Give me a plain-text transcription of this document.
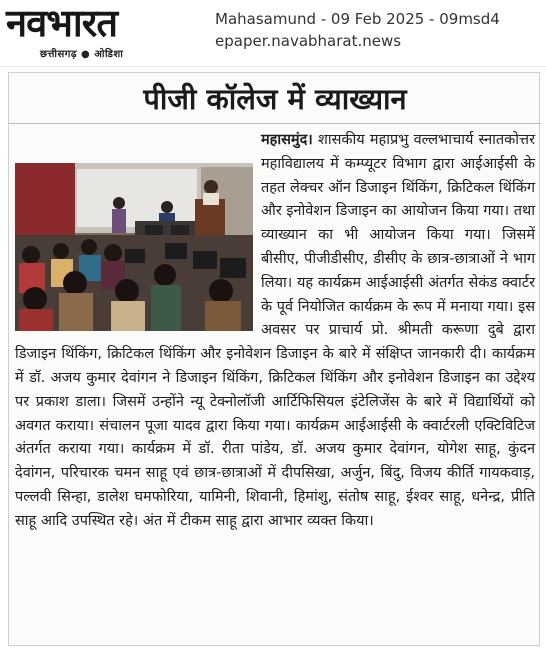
नवभारत
छत्तीसगढ़ ● ओडिशा
Mahasamund - 09 Feb 2025 - 09msd4
epaper.navabharat.news
पीजी कॉलेज में व्याख्यान

महासमुंद। शासकीय महाप्रभु वल्लभाचार्य स्नातकोत्तर महाविद्यालय में कम्प्यूटर विभाग द्वारा आईआईसी के तहत लेक्चर ऑन डिजाइन थिंकिंग, क्रिटिकल थिंकिंग और इनोवेशन डिजाइन का आयोजन किया गया। तथा व्याख्यान का भी आयोजन किया गया। जिसमें बीसीए, पीजीडीसीए, डीसीए के छात्र-छात्राओं ने भाग लिया। यह कार्यक्रम आईआईसी अंतर्गत सेकंड क्वार्टर के पूर्व नियोजित कार्यक्रम के रूप में मनाया गया। इस अवसर पर प्राचार्य प्रो. श्रीमती करूणा दुबे द्वारा डिजाइन थिंकिंग, क्रिटिकल थिंकिंग और इनोवेशन डिजाइन के बारे में संक्षिप्त जानकारी दी। कार्यक्रम में डॉ. अजय कुमार देवांगन ने डिजाइन थिंकिंग, क्रिटिकल थिंकिंग और इनोवेशन डिजाइन का उद्देश्य पर प्रकाश डाला। जिसमें उन्होंने न्यू टेक्नोलॉजी आर्टिफिसियल इंटेलिजेंस के बारे में विद्यार्थियों को अवगत कराया। संचालन पूजा यादव द्वारा किया गया। कार्यक्रम आईआईसी के क्वार्टरली एक्टिविटिज अंतर्गत कराया गया। कार्यक्रम में डॉ. रीता पांडेय, डॉ. अजय कुमार देवांगन, योगेश साहू, कुंदन देवांगन, परिचारक चमन साहू एवं छात्र-छात्राओं में दीपसिखा, अर्जुन, बिंदु, विजय कीर्ति गायकवाड़, पल्लवी सिन्हा, डालेश घमफोरिया, यामिनी, शिवानी, हिमांशु, संतोष साहू, ईश्वर साहू, धनेन्द्र, प्रीति साहू आदि उपस्थित रहे। अंत में टीकम साहू द्वारा आभार व्यक्त किया।
